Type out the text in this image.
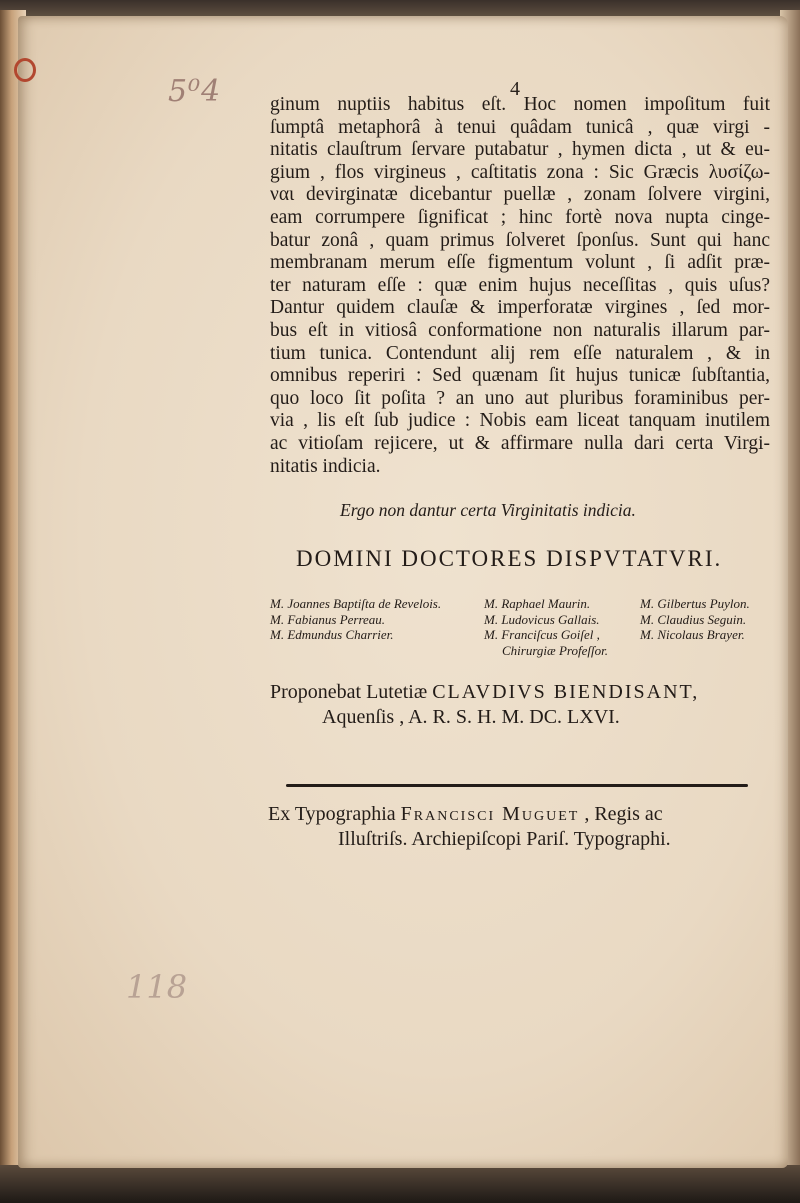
5⁰4
118
4
ginum nuptiis habitus eſt. Hoc nomen impoſitum fuit
ſumptâ metaphorâ à tenui quâdam tunicâ , quæ virgi -
nitatis clauſtrum ſervare putabatur , hymen dicta , ut & eu-
gium , flos virgineus , caſtitatis zona : Sic Græcis λυσίζω-
ναι devirginatæ dicebantur puellæ , zonam ſolvere virgini,
eam corrumpere ſignificat ; hinc fortè nova nupta cinge-
batur zonâ , quam primus ſolveret ſponſus. Sunt qui hanc
membranam merum eſſe figmentum volunt , ſi adſit præ-
ter naturam eſſe : quæ enim hujus neceſſitas , quis uſus?
Dantur quidem clauſæ & imperforatæ virgines , ſed mor-
bus eſt in vitiosâ conformatione non naturalis illarum par-
tium tunica. Contendunt alij rem eſſe naturalem , & in
omnibus reperiri : Sed quænam ſit hujus tunicæ ſubſtantia,
quo loco ſit poſita ? an uno aut pluribus foraminibus per-
via , lis eſt ſub judice : Nobis eam liceat tanquam inutilem
ac vitioſam rejicere, ut & affirmare nulla dari certa Virgi-
nitatis indicia.
Ergo non dantur certa Virginitatis indicia.
DOMINI DOCTORES DISPVTATVRI.
M. Joannes Baptiſta de Revelois.
M. Fabianus Perreau.
M. Edmundus Charrier.
M. Raphael Maurin.
M. Ludovicus Gallais.
M. Franciſcus Goiſel ,
Chirurgiæ Profeſſor.
M. Gilbertus Puylon.
M. Claudius Seguin.
M. Nicolaus Brayer.
Proponebat Lutetiæ CLAVDIVS BIENDISANT,
Aquenſis , A. R. S. H. M. DC. LXVI.
Ex Typographia Francisci Muguet , Regis ac
Illuſtriſs. Archiepiſcopi Pariſ. Typographi.
